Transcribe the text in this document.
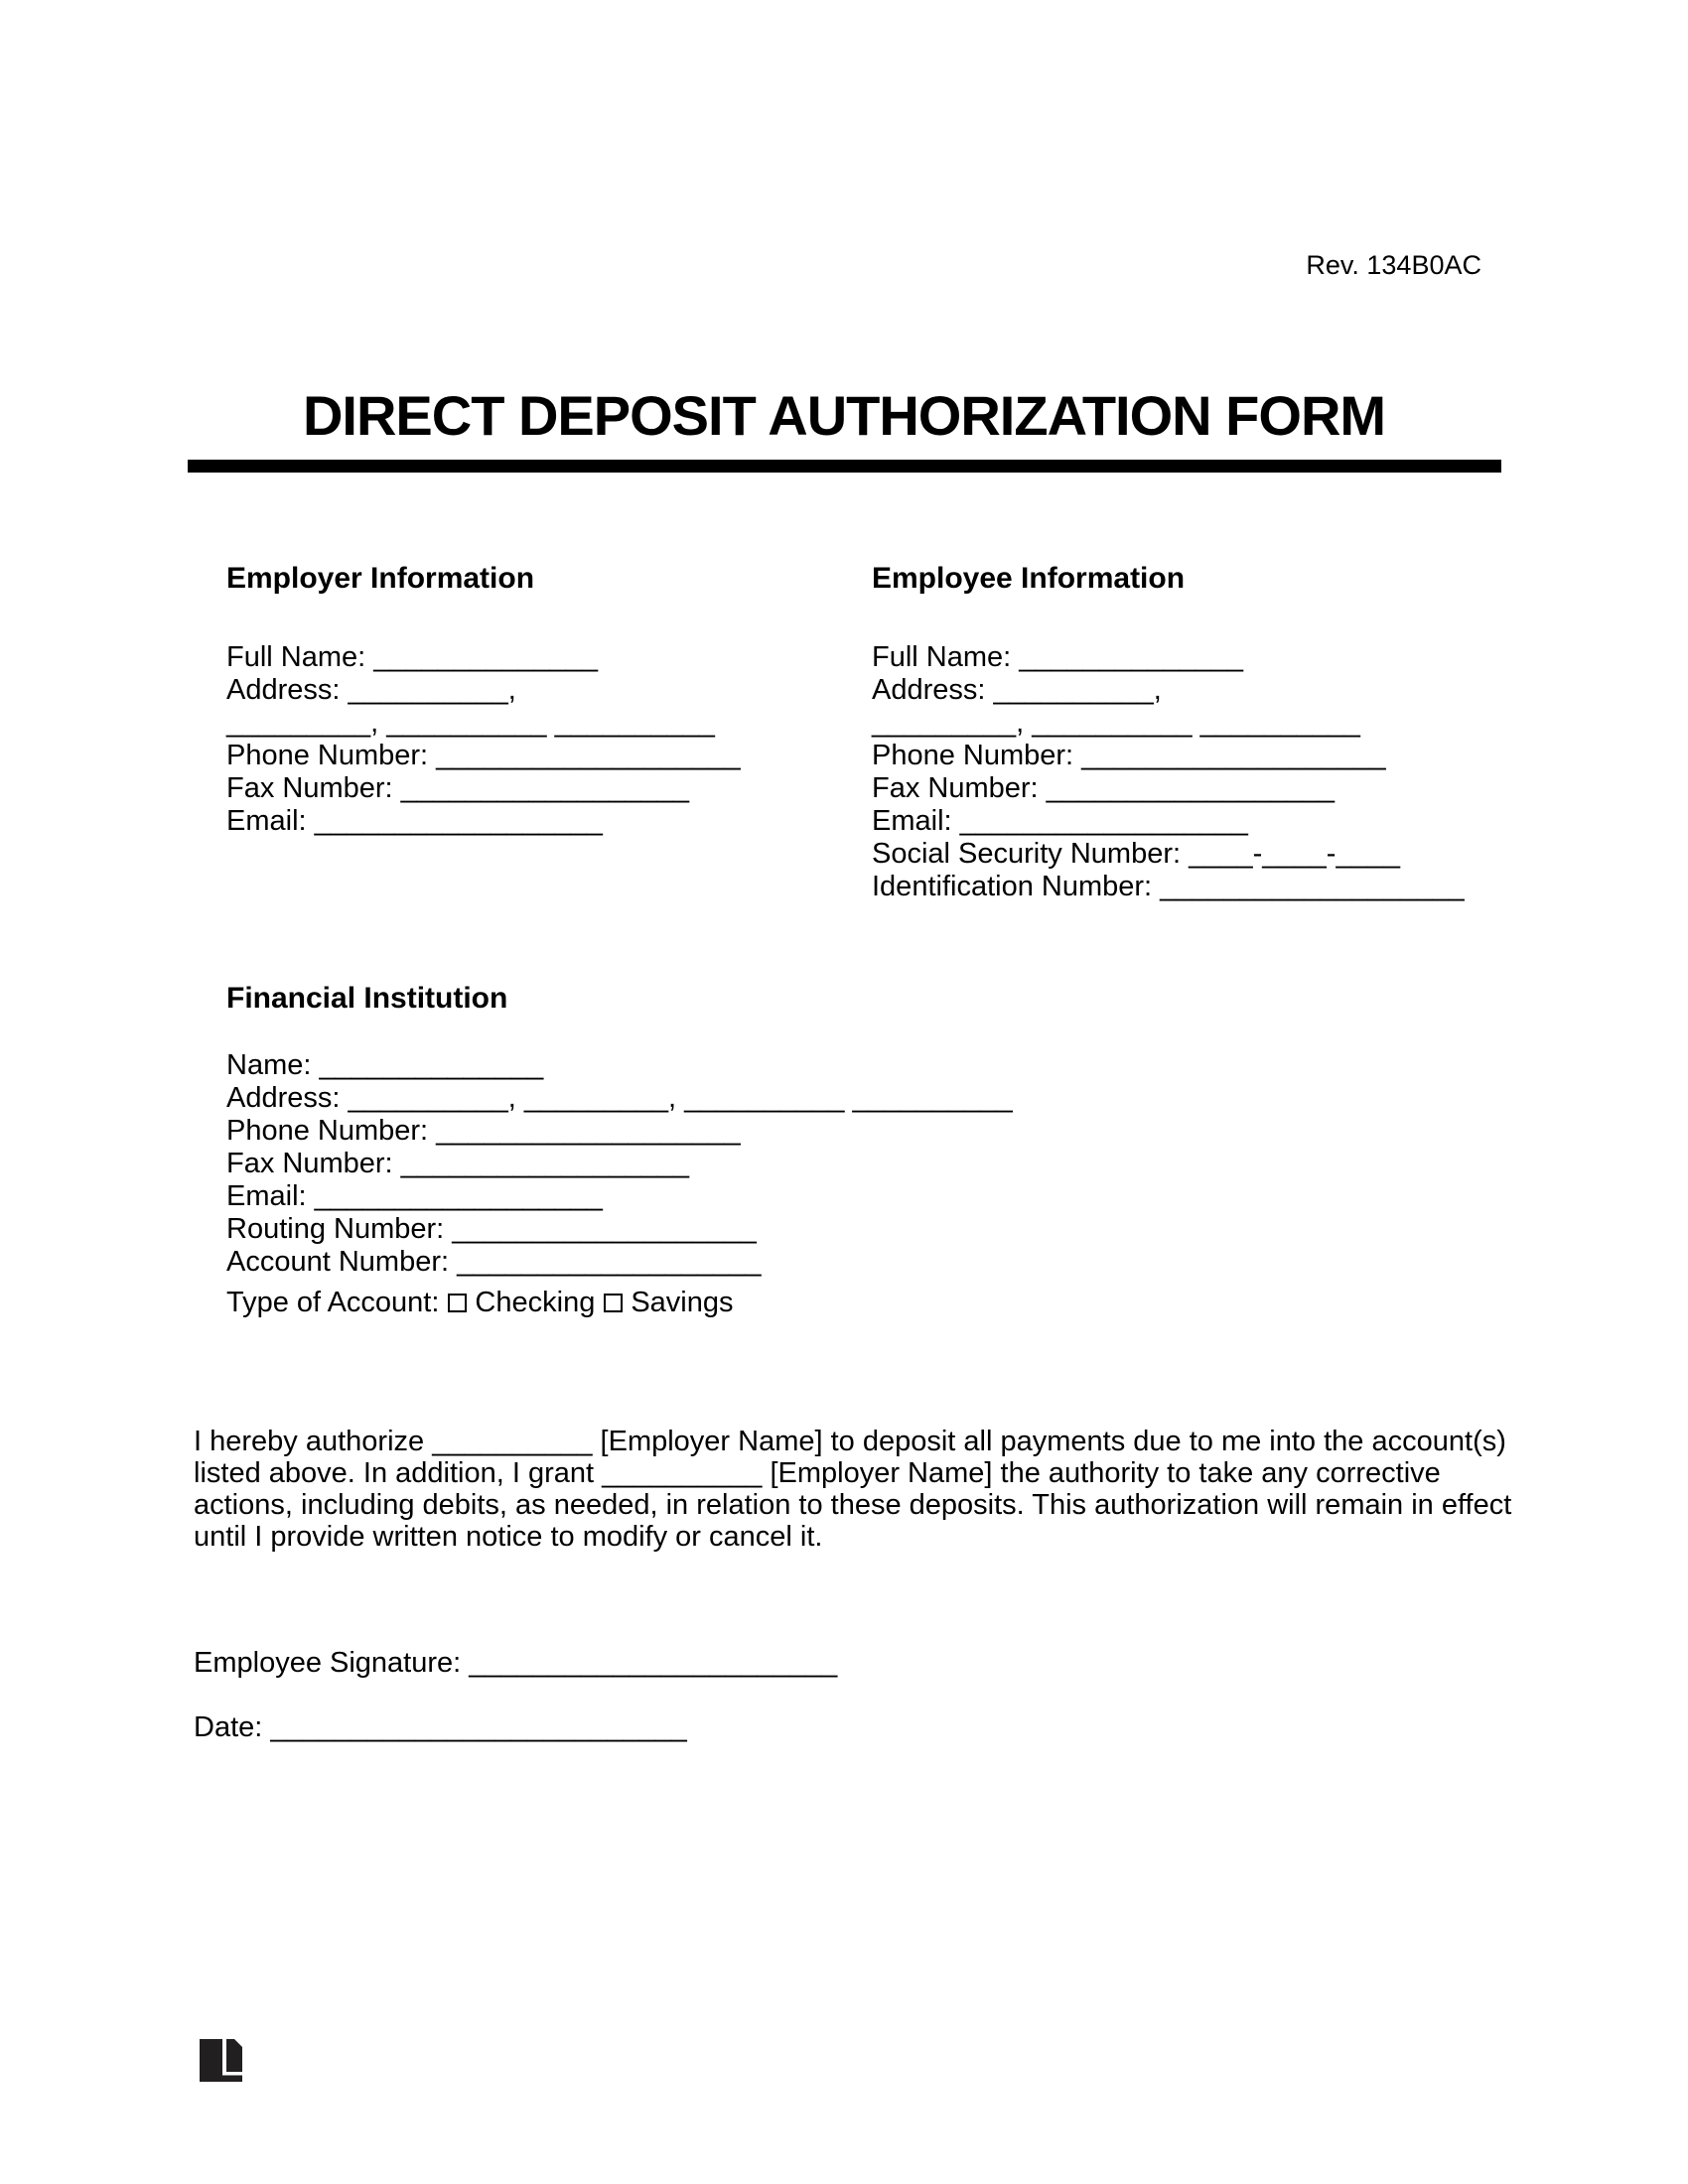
Rev. 134B0AC
DIRECT DEPOSIT AUTHORIZATION FORM
Employer Information
Full Name: ______________
Address: __________,
_________, __________ __________
Phone Number: ___________________
Fax Number: __________________
Email: __________________
Employee Information
Full Name: ______________
Address: __________,
_________, __________ __________
Phone Number: ___________________
Fax Number: __________________
Email: __________________
Social Security Number: ____-____-____
Identification Number: ___________________
Financial Institution
Name: ______________
Address: __________, _________, __________ __________
Phone Number: ___________________
Fax Number: __________________
Email: __________________
Routing Number: ___________________
Account Number: ___________________
Type of Account: Checking Savings
I hereby authorize __________ [Employer Name] to deposit all payments due to me into the account(s)
listed above. In addition, I grant __________ [Employer Name] the authority to take any corrective
actions, including debits, as needed, in relation to these deposits. This authorization will remain in effect
until I provide written notice to modify or cancel it.
Employee Signature: _______________________
Date: __________________________
